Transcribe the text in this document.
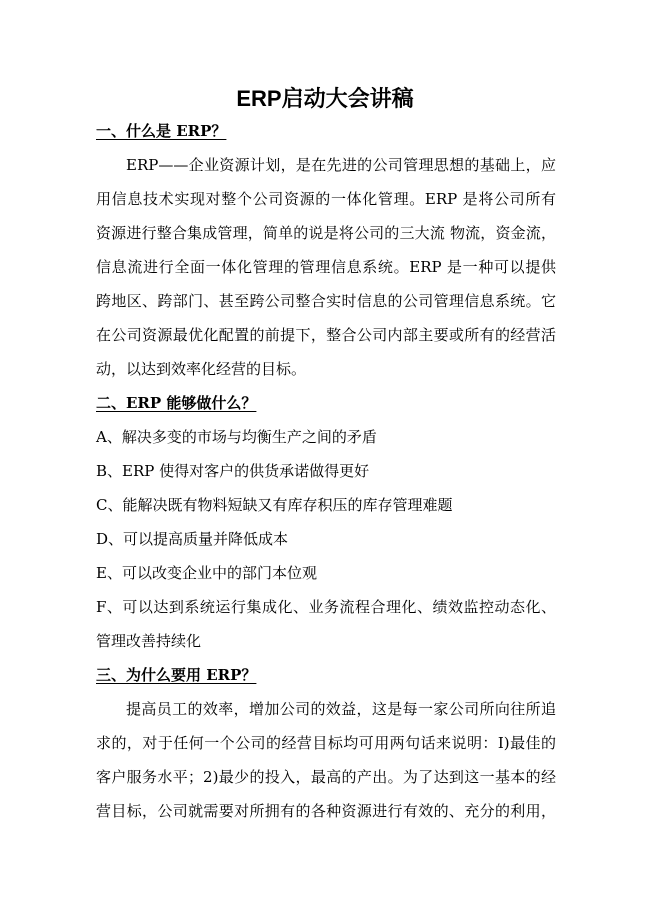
ERP启动大会讲稿

一、什么是 ERP？

ERP——企业资源计划，是在先进的公司管理思想的基础上，应

用信息技术实现对整个公司资源的一体化管理。ERP 是将公司所有

资源进行整合集成管理，简单的说是将公司的三大流 物流，资金流，

信息流进行全面一体化管理的管理信息系统。ERP 是一种可以提供

跨地区、跨部门、甚至跨公司整合实时信息的公司管理信息系统。它

在公司资源最优化配置的前提下，整合公司内部主要或所有的经营活

动，以达到效率化经营的目标。

二、ERP 能够做什么？

A、解决多变的市场与均衡生产之间的矛盾

B、ERP 使得对客户的供货承诺做得更好

C、能解决既有物料短缺又有库存积压的库存管理难题

D、可以提高质量并降低成本

E、可以改变企业中的部门本位观

F、可以达到系统运行集成化、业务流程合理化、绩效监控动态化、

管理改善持续化

三、为什么要用 ERP？

提高员工的效率，增加公司的效益，这是每一家公司所向往所追

求的，对于任何一个公司的经营目标均可用两句话来说明：I)最佳的

客户服务水平；2)最少的投入，最高的产出。为了达到这一基本的经

营目标，公司就需要对所拥有的各种资源进行有效的、充分的利用，
